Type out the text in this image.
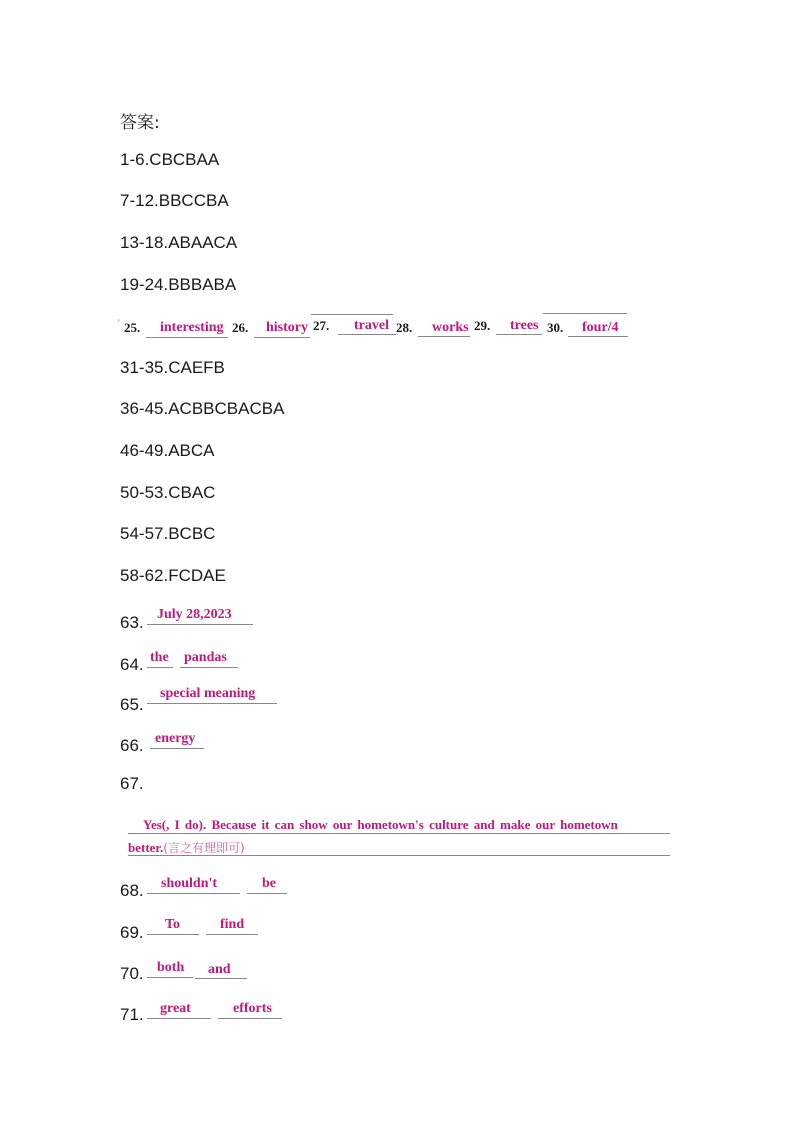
答案:
1-6.CBCBAA
7-12.BBCCBA
13-18.ABAACA
19-24.BBBABA
' 25. interesting 26. history 27. travel 28. works 29. trees 30. four/4
31-35.CAEFB
36-45.ACBBCBACBA
46-49.ABCA
50-53.CBAC
54-57.BCBC
58-62.FCDAE
63. July 28,2023
64. the pandas
65.
special meaning
66. energy
67.
Yes(, I do). Because it can show our hometown's culture and make our hometown
better.(言之有理即可)
68. shouldn't	be
69. To	find
70. both and
71. great	efforts
